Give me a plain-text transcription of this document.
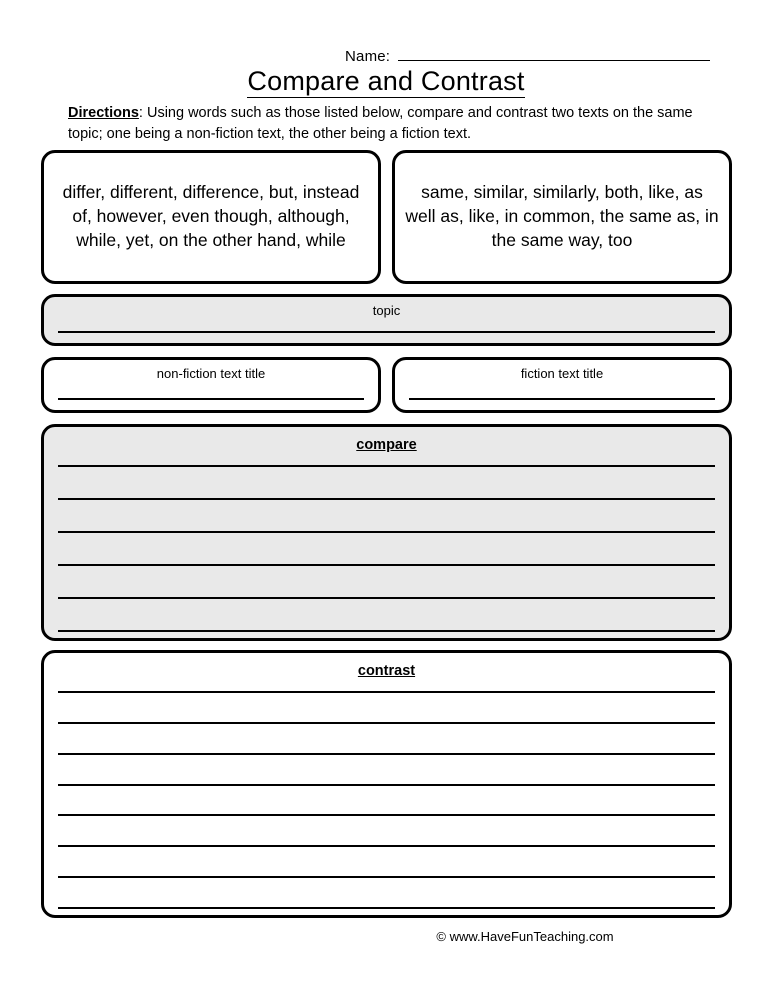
Name:
Compare and Contrast
Directions: Using words such as those listed below, compare and contrast two texts on the same topic; one being a non-fiction text, the other being a fiction text.
differ, different, difference, but, instead of, however, even though, although, while, yet, on the other hand, while
same, similar, similarly, both, like, as well as, like, in common, the same as, in the same way, too
topic
non-fiction text title	fiction text title
compare
contrast
© www.HaveFunTeaching.com
